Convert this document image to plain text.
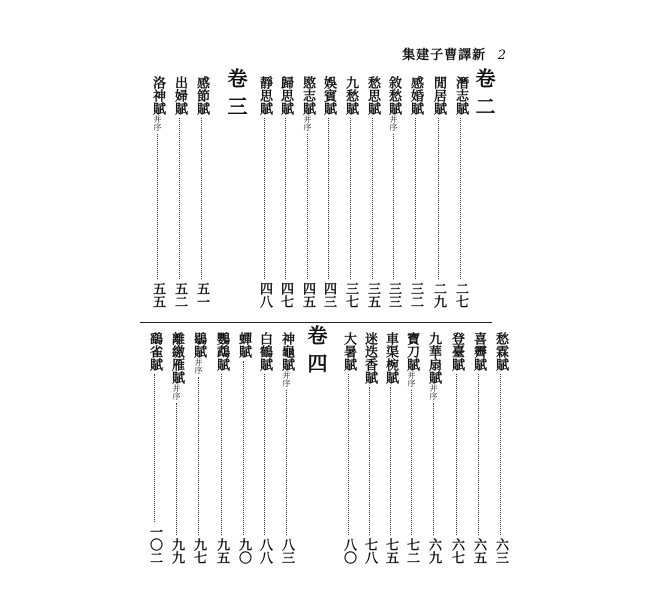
集建子曹譯新 2
卷二
卷三	潛志賦
二七
閒居賦
二九
感婚賦
三二
敘愁賦
并序
三三
愁思賦
三五
九愁賦
三七
娛賓賦
四三
愍志賦
并序
四五
歸思賦
四七
靜思賦
四八
感節賦
五一
出婦賦
五二
洛神賦
并序
五五
卷四	愁霖賦
六三
喜霽賦
六五
登臺賦
六七
九華扇賦
并序
六九
寶刀賦
并序
七二
車渠椀賦
七五
迷迭香賦
七八
大暑賦
八〇
神龜賦
并序
八三
白鶴賦
八八
蟬賦
九〇
鸚鵡賦
九五
鶡賦
并序
九七
離繳雁賦
并序
九九
鷂雀賦
一〇二
